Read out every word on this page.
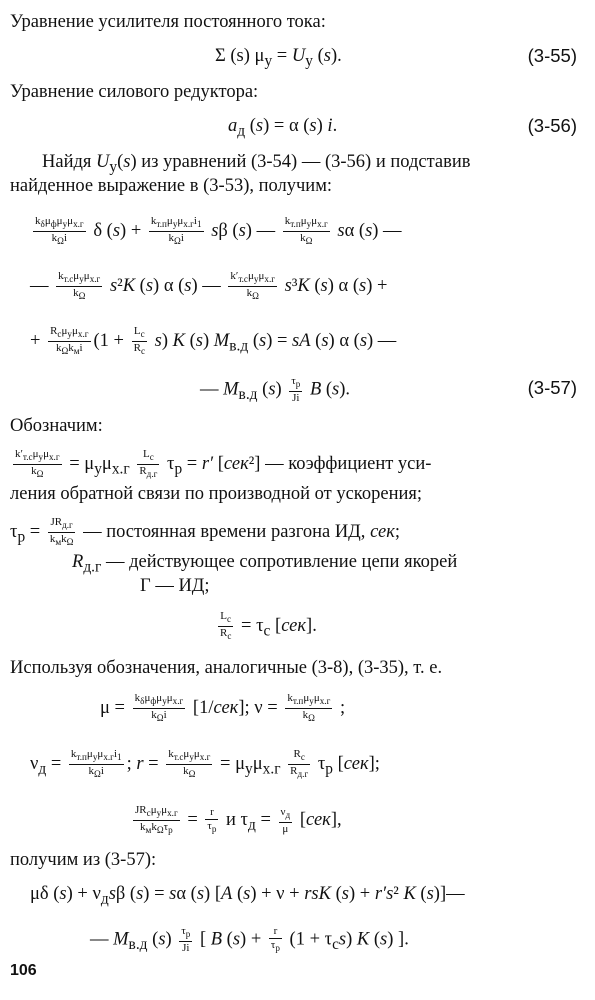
Уравнение усилителя постоянного тока:
Σ (s) $\mu_у = U_у$ (s).	(3-55)
Уравнение силового редуктора:
$a_д$ (s) = α (s) i.	(3-56)
Найдя $U_у(s)$ из уравнений (3-54) — (3-56) и подставив
найденное выражение в (3-53), получим:
$\frac{k_\delta\mu_ф\mu_у\mu_{х.г}}{k_\Omega i}$ δ $(s) + \frac{k_{т.п}\mu_у\mu_{х.г}i_1}{k_\Omega i}$ sβ (s) — $\frac{k_{т.п}\mu_у\mu_{х.г}}{k_\Omega}$ sα (s) —
— $\frac{k_{т.с}\mu_у\mu_{х.г}}{k_\Omega} s^2K$ (s) α (s) — $\frac{k'_{т.с}\mu_у\mu_{х.г}}{k_\Omega} s^3K$ (s) α (s) +
+ $\frac{R_c\mu_у\mu_{х.г}}{k_\Omega k_мi} (1 + \frac{L_c}{R_c} s)$ K (s) $M_{в.д}$ (s) = sA (s) α (s) —
— $M_{в.д}$ $(s) \frac{\tau_р}{Ji}$ B (s).	(3-57)
Обозначим:
$\frac{k'_{т.с}\mu_у\mu_{х.г}}{k_\Omega} = \mu_у\mu_{х.г} \frac{L_c}{R_{д.г}} \tau_р = r'$ [сек²] — коэффициент уси-
ления обратной связи по производной от ускорения;
$\tau_р = \frac{JR_{д.г}}{k_мk_\Omega}$ — постоянная времени разгона ИД, сек;
$R_{д.г}$ — действующее сопротивление цепи якорей
Г — ИД;
$\frac{L_c}{R_c} = \tau_c$ [сек].
Используя обозначения, аналогичные (3-8), (3-35), т. е.
$\mu = \frac{k_\delta\mu_ф\mu_у\mu_{х.г}}{k_\Omega i} [1/сек]$; $\nu = \frac{k_{т.п}\mu_у\mu_{х.г}}{k_\Omega}$ ;
$\nu_д = \frac{k_{т.п}\mu_у\mu_{х.г}i_1}{k_\Omega i}$ ; $r = \frac{k_{т.с}\mu_у\mu_{х.г}}{k_\Omega} = \mu_у\mu_{х.г} \frac{R_c}{R_{д.г}} \tau_р$ [сек];
$\frac{JR_c\mu_у\mu_{х.г}}{k_мk_\Omega\tau_р} = \frac{r}{\tau_р}$ и $\tau_д = \frac{\nu_д}{\mu} [сек]$,
получим из (3-57):
μδ $(s) + \nu_дs\beta$ (s) = sα (s) [A (s) + ν + rsK (s) + r′s² K (s)]—
— $M_{в.д}$ $(s) \frac{\tau_р}{Ji}$ [ B $(s) + \frac{r}{\tau_р} (1 + \tau_cs)$ K (s) ].
106
